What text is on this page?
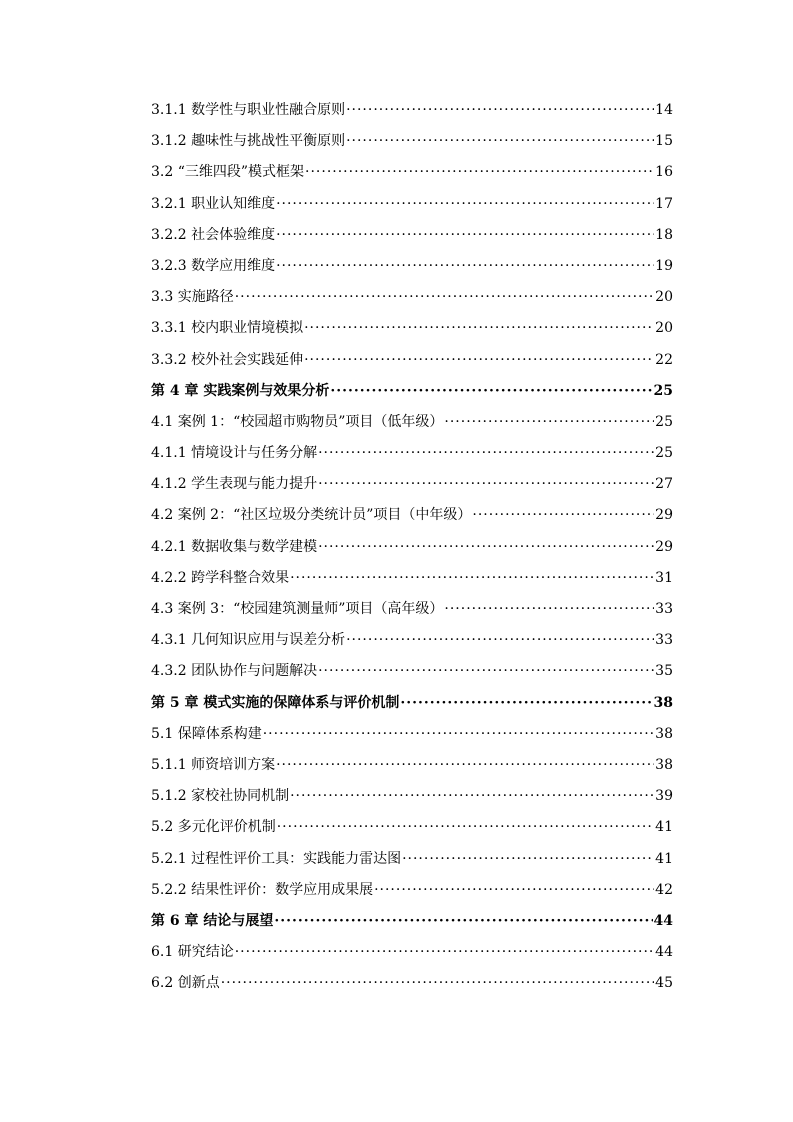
3.1.1 数学性与职业性融合原则 ·····	14
3.1.2 趣味性与挑战性平衡原则 ·····	15
3.2 “三维四段”模式框架 ·····	16
3.2.1 职业认知维度 ·····	17
3.2.2 社会体验维度 ·····	18
3.2.3 数学应用维度 ·····	19
3.3 实施路径 ·····	20
3.3.1 校内职业情境模拟 ·····	20
3.3.2 校外社会实践延伸 ·····	22
第 4 章 实践案例与效果分析 ·····	25
4.1 案例 1：“校园超市购物员”项目（低年级） ·····	25
4.1.1 情境设计与任务分解 ·····	25
4.1.2 学生表现与能力提升 ·····	27
4.2 案例 2：“社区垃圾分类统计员”项目（中年级） ·····	29
4.2.1 数据收集与数学建模 ·····	29
4.2.2 跨学科整合效果 ·····	31
4.3 案例 3：“校园建筑测量师”项目（高年级） ·····	33
4.3.1 几何知识应用与误差分析 ·····	33
4.3.2 团队协作与问题解决 ·····	35
第 5 章 模式实施的保障体系与评价机制 ·····	38
5.1 保障体系构建 ·····	38
5.1.1 师资培训方案 ·····	38
5.1.2 家校社协同机制 ·····	39
5.2 多元化评价机制 ·····	41
5.2.1 过程性评价工具：实践能力雷达图 ·····	41
5.2.2 结果性评价：数学应用成果展 ·····	42
第 6 章 结论与展望 ·····	44
6.1 研究结论 ·····	44
6.2 创新点 ·····	45
